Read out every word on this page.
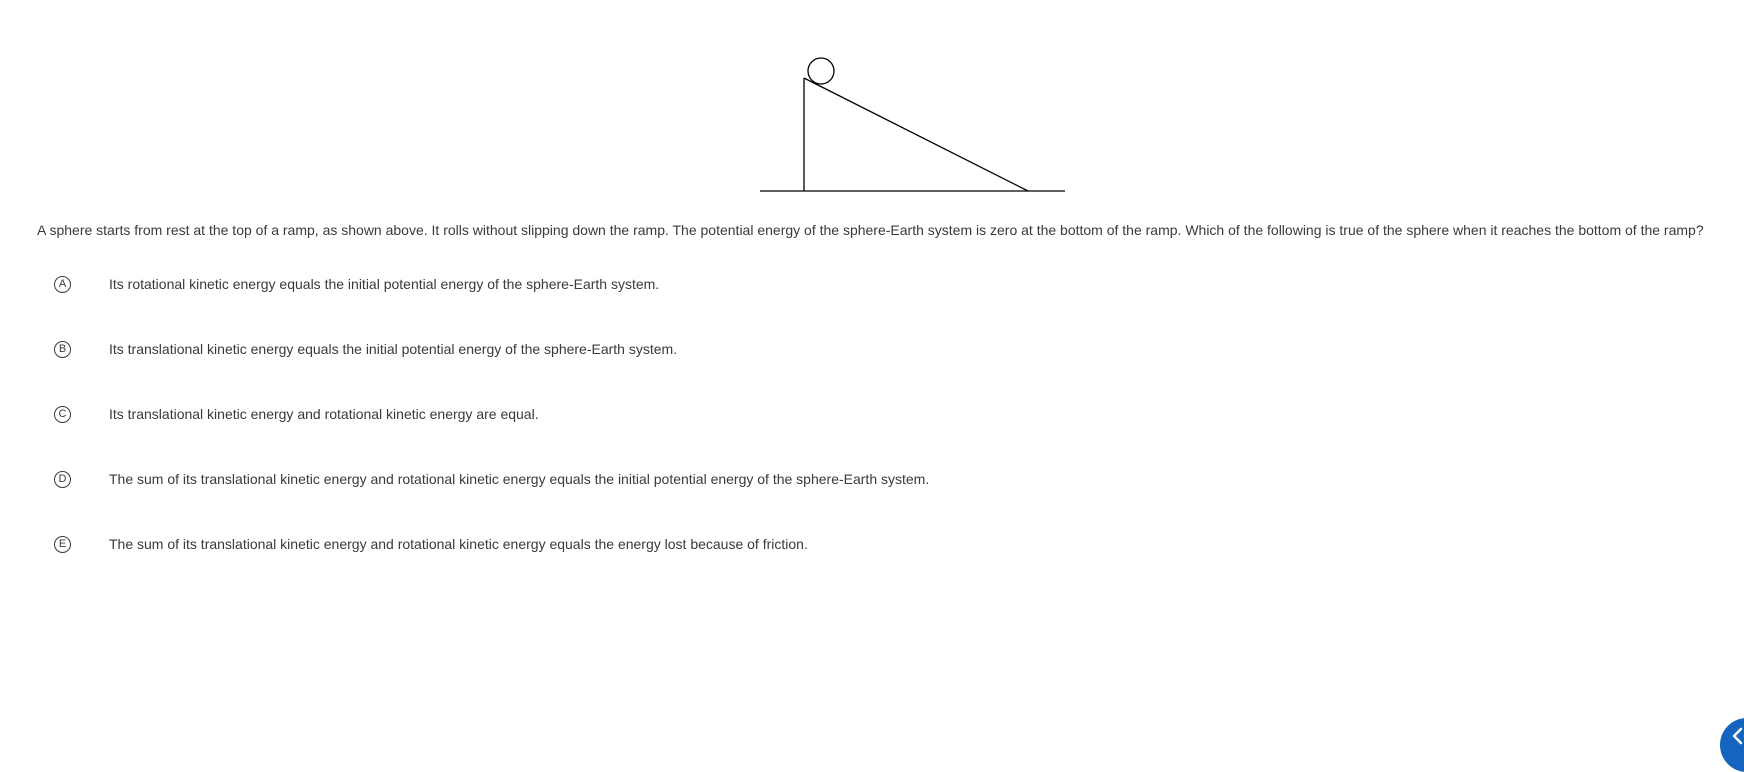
A sphere starts from rest at the top of a ramp, as shown above. It rolls without slipping down the ramp. The potential energy of the sphere-Earth system is zero at the bottom of the ramp. Which of the following is true of the sphere when it reaches the bottom of the ramp?
A	Its rotational kinetic energy equals the initial potential energy of the sphere-Earth system.
B	Its translational kinetic energy equals the initial potential energy of the sphere-Earth system.
C	Its translational kinetic energy and rotational kinetic energy are equal.
D	The sum of its translational kinetic energy and rotational kinetic energy equals the initial potential energy of the sphere-Earth system.
E	The sum of its translational kinetic energy and rotational kinetic energy equals the energy lost because of friction.
